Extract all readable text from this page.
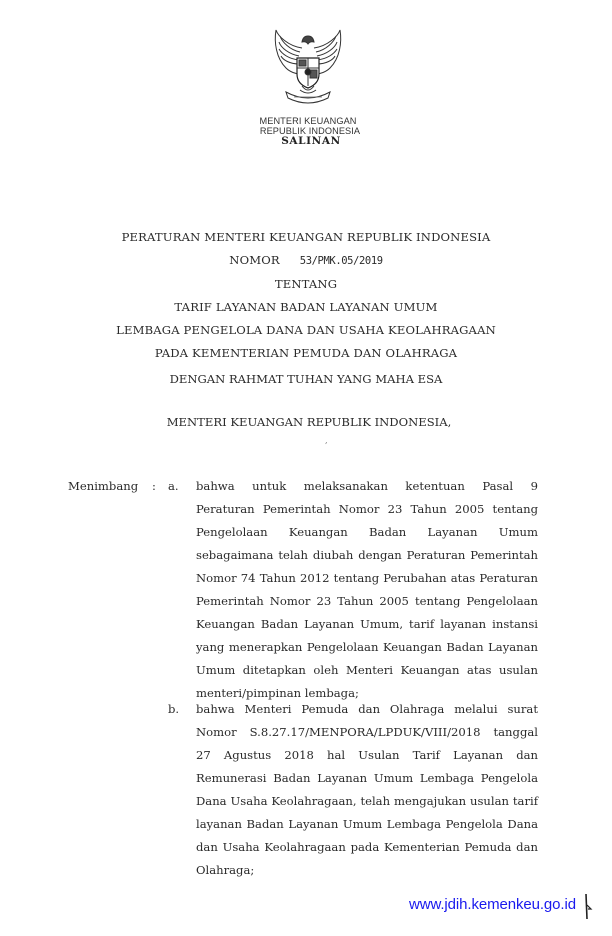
MENTERI KEUANGAN
REPUBLIK INDONESIA
SALINAN
PERATURAN MENTERI KEUANGAN REPUBLIK INDONESIA
NOMOR 53/PMK.05/2019
TENTANG
TARIF LAYANAN BADAN LAYANAN UMUM
LEMBAGA PENGELOLA DANA DAN USAHA KEOLAHRAGAAN
PADA KEMENTERIAN PEMUDA DAN OLAHRAGA
DENGAN RAHMAT TUHAN YANG MAHA ESA
MENTERI KEUANGAN REPUBLIK INDONESIA,
,
Menimbang : a. bahwa untuk melaksanakan ketentuan Pasal 9
Peraturan Pemerintah Nomor 23 Tahun 2005 tentang
Pengelolaan Keuangan Badan Layanan Umum
sebagaimana telah diubah dengan Peraturan Pemerintah
Nomor 74 Tahun 2012 tentang Perubahan atas Peraturan
Pemerintah Nomor 23 Tahun 2005 tentang Pengelolaan
Keuangan Badan Layanan Umum, tarif layanan instansi
yang menerapkan Pengelolaan Keuangan Badan Layanan
Umum ditetapkan oleh Menteri Keuangan atas usulan
menteri/pimpinan lembaga;
b. bahwa Menteri Pemuda dan Olahraga melalui surat
Nomor S.8.27.17/MENPORA/LPDUK/VIII/2018 tanggal
27 Agustus 2018 hal Usulan Tarif Layanan dan
Remunerasi Badan Layanan Umum Lembaga Pengelola
Dana Usaha Keolahragaan, telah mengajukan usulan tarif
layanan Badan Layanan Umum Lembaga Pengelola Dana
dan Usaha Keolahragaan pada Kementerian Pemuda dan
Olahraga;
www.jdih.kemenkeu.go.id
